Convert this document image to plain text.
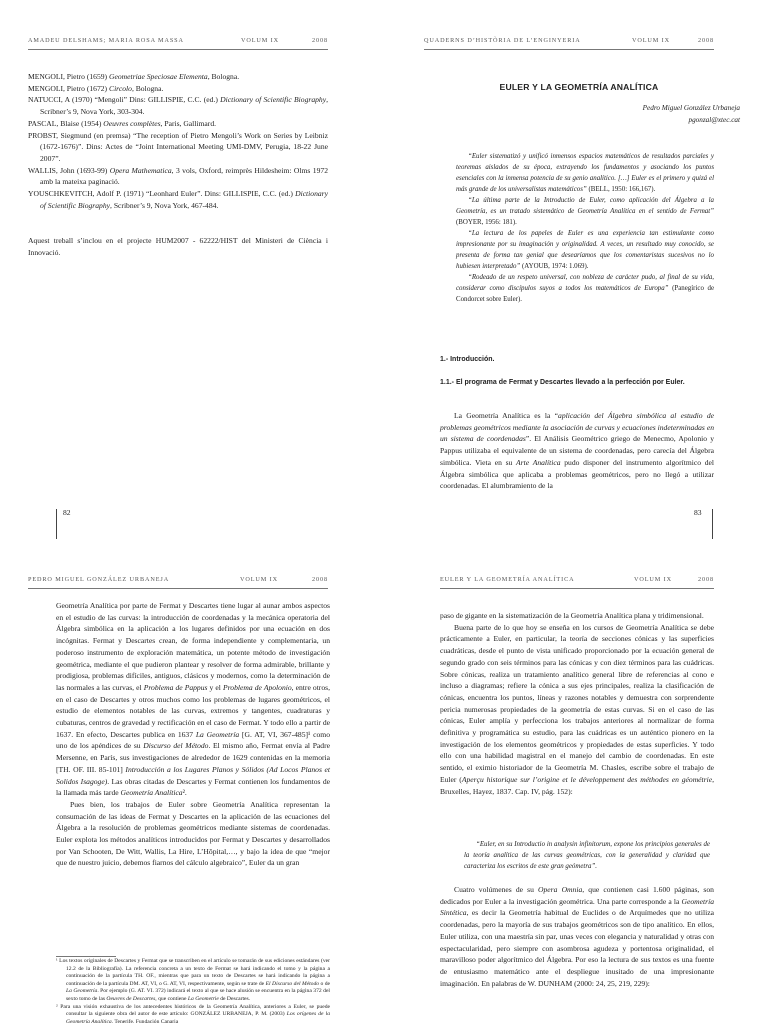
AMADEU DELSHAMS; MARIA ROSA MASSA	VOLUM IX	2008

MENGOLI, Pietro (1659) Geometriae Speciosae Elementa, Bologna.

MENGOLI, Pietro (1672) Circolo, Bologna.

NATUCCI, A (1970) “Mengoli” Dins: GILLISPIE, C.C. (ed.) Dictionary of Scientific Biography, Scribner’s 9, Nova York, 303-304.

PASCAL, Blaise (1954) Oeuvres complètes, Paris, Gallimard.

PROBST, Siegmund (en premsa) “The reception of Pietro Mengoli’s Work on Series by Leibniz (1672-1676)”. Dins: Actes de “Joint International Meeting UMI-DMV, Perugia, 18-22 June 2007”.

WALLIS, John (1693-99) Opera Mathematica, 3 vols, Oxford, reimprès Hildesheim: Olms 1972 amb la mateixa paginació.

YOUSCHKEVITCH, Adolf P. (1971) “Leonhard Euler”. Dins: GILLISPIE, C.C. (ed.) Dictionary of Scientific Biography, Scribner’s 9, Nova York, 467-484.

Aquest treball s’inclou en el projecte HUM2007 - 62222/HIST del Ministeri de Ciència i Innovació.

82
QUADERNS D’HISTÒRIA DE L’ENGINYERIA	VOLUM IX	2008
EULER Y LA GEOMETRÍA ANALÍTICA
Pedro Miguel González Urbaneja
pgonzal@xtec.cat

“Euler sistematizó y unificó inmensos espacios matemáticos de resultados parciales y teoremas aislados de su época, extrayendo los fundamentos y asociando los puntos esenciales con la inmensa potencia de su genio analítico. […] Euler es el primero y quizá el más grande de los universalistas matemáticos” (BELL, 1950: 166,167).

“La última parte de la Introductio de Euler, como aplicación del Álgebra a la Geometría, es un tratado sistemático de Geometría Analítica en el sentido de Fermat” (BOYER, 1956: 181).

“La lectura de los papeles de Euler es una experiencia tan estimulante como impresionante por su imaginación y originalidad. A veces, un resultado muy conocido, se presenta de forma tan genial que desearíamos que los comentaristas sucesivos no lo hubiesen interpretado” (AYOUB, 1974: 1.069).

“Rodeado de un respeto universal, con nobleza de carácter pudo, al final de su vida, considerar como discípulos suyos a todos los matemáticos de Europa” (Panegírico de Condorcet sobre Euler).

1.- Introducción.
1.1.- El programa de Fermat y Descartes llevado a la perfección por Euler.

La Geometría Analítica es la “aplicación del Álgebra simbólica al estudio de problemas geométricos mediante la asociación de curvas y ecuaciones indeterminadas en un sistema de coordenadas”. El Análisis Geométrico griego de Menecmo, Apolonio y Pappus utilizaba el equivalente de un sistema de coordenadas, pero carecía del Álgebra simbólica. Vieta en su Arte Analítica pudo disponer del instrumento algorítmico del Álgebra simbólica que aplicaba a problemas geométricos, pero no llegó a utilizar coordenadas. El alumbramiento de la

83
PEDRO MIGUEL GONZÁLEZ URBANEJA	VOLUM IX	2008

Geometría Analítica por parte de Fermat y Descartes tiene lugar al aunar ambos aspectos en el estudio de las curvas: la introducción de coordenadas y la mecánica operatoria del Álgebra simbólica en la aplicación a los lugares definidos por una ecuación en dos incógnitas. Fermat y Descartes crean, de forma independiente y complementaria, un poderoso instrumento de exploración matemática, un potente método de investigación geométrica, mediante el que pudieron plantear y resolver de forma admirable, brillante y prodigiosa, problemas difíciles, antiguos, clásicos y modernos, como la determinación de las normales a las curvas, el Problema de Pappus y el Problema de Apolonio, entre otros, en el caso de Descartes y otros muchos como los problemas de lugares geométricos, el estudio de elementos notables de las curvas, extremos y tangentes, cuadraturas y cubaturas, centros de gravedad y rectificación en el caso de Fermat. Y todo ello a partir de 1637. En efecto, Descartes publica en 1637 La Geometría [G. AT, VI, 367-485]¹ como uno de los apéndices de su Discurso del Método. El mismo año, Fermat envía al Padre Mersenne, en París, sus investigaciones de alrededor de 1629 contenidas en la memoria [TH. OF. III. 85-101] Introducción a los Lugares Planos y Sólidos (Ad Locos Planos et Solidos Isagoge). Las obras citadas de Descartes y Fermat contienen los fundamentos de la llamada más tarde Geometría Analítica².

Pues bien, los trabajos de Euler sobre Geometría Analítica representan la consumación de las ideas de Fermat y Descartes en la aplicación de las ecuaciones del Álgebra a la resolución de problemas geométricos mediante sistemas de coordenadas. Euler explota los métodos analíticos introducidos por Fermat y Descartes y desarrollados por Van Schooten, De Witt, Wallis, La Hire, L’Hôpital,…, y bajo la idea de que “mejor que de nuestro juicio, debemos fiarnos del cálculo algebraico”, Euler da un gran

¹ Los textos originales de Descartes y Fermat que se transcriben en el artículo se tomarán de sus ediciones estándares (ver 12.2 de la Bibliografía). La referencia concreta a un texto de Fermat se hará indicando el tomo y la página a continuación de la partícula TH. OF., mientras que para un texto de Descartes se hará indicando la página a continuación de la partícula DM. AT, VI, o G. AT, VI, respectivamente, según se trate de El Discurso del Método o de La Geometría. Por ejemplo (G. AT. VI. 372) indicará el texto al que se hace alusión se encuentra en la página 372 del sexto tomo de las Oeuvres de Descartes, que contiene La Geometrie de Descartes.

² Para una visión exhaustiva de los antecedentes históricos de la Geometría Analítica, anteriores a Euler, se puede consultar la siguiente obra del autor de este artículo: GONZÁLEZ URBANEJA, P. M. (2003) Los orígenes de la Geometría Analítica. Tenerife. Fundación Canaria

EULER Y LA GEOMETRÍA ANALÍTICA	VOLUM IX	2008

paso de gigante en la sistematización de la Geometría Analítica plana y tridimensional.

Buena parte de lo que hoy se enseña en los cursos de Geometría Analítica se debe prácticamente a Euler, en particular, la teoría de secciones cónicas y las superficies cuadráticas, desde el punto de vista unificado proporcionado por la ecuación general de segundo grado con seis términos para las cónicas y con diez términos para las cuádricas. Sobre cónicas, realiza un tratamiento analítico general libre de referencias al cono e incluso a diagramas; refiere la cónica a sus ejes principales, realiza la clasificación de cónicas, encuentra los puntos, líneas y razones notables y demuestra con sorprendente pericia numerosas propiedades de la geometría de estas curvas. Si en el caso de las cónicas, Euler amplía y perfecciona los trabajos anteriores al normalizar de forma definitiva y programática su estudio, para las cuádricas es un auténtico pionero en la investigación de los elementos geométricos y propiedades de estas superficies. Y todo ello con una habilidad magistral en el manejo del cambio de coordenadas. En este sentido, el eximio historiador de la Geometría M. Chasles, escribe sobre el trabajo de Euler (Aperçu historique sur l’origine et le développement des méthodes en géométrie, Bruxelles, Hayez, 1837. Cap. IV, pág. 152):

“Euler, en su Introductio in analysin infinitorum, expone los principios generales de la teoría analítica de las curvas geométricas, con la generalidad y claridad que caracteriza los escritos de este gran geómetra”.

Cuatro volúmenes de su Opera Omnia, que contienen casi 1.600 páginas, son dedicados por Euler a la investigación geométrica. Una parte corresponde a la Geometría Sintética, es decir la Geometría habitual de Euclides o de Arquímedes que no utiliza coordenadas, pero la mayoría de sus trabajos geométricos son de tipo analítico. En ellos, Euler utiliza, con una maestría sin par, unas veces con elegancia y naturalidad y otras con espectacularidad, pero siempre con asombrosa agudeza y portentosa originalidad, el maravilloso poder algorítmico del Álgebra. Por eso la lectura de sus textos es una fuente de entusiasmo matemático ante el despliegue inusitado de una impresionante imaginación. En palabras de W. DUNHAM (2000: 24, 25, 219, 229):
